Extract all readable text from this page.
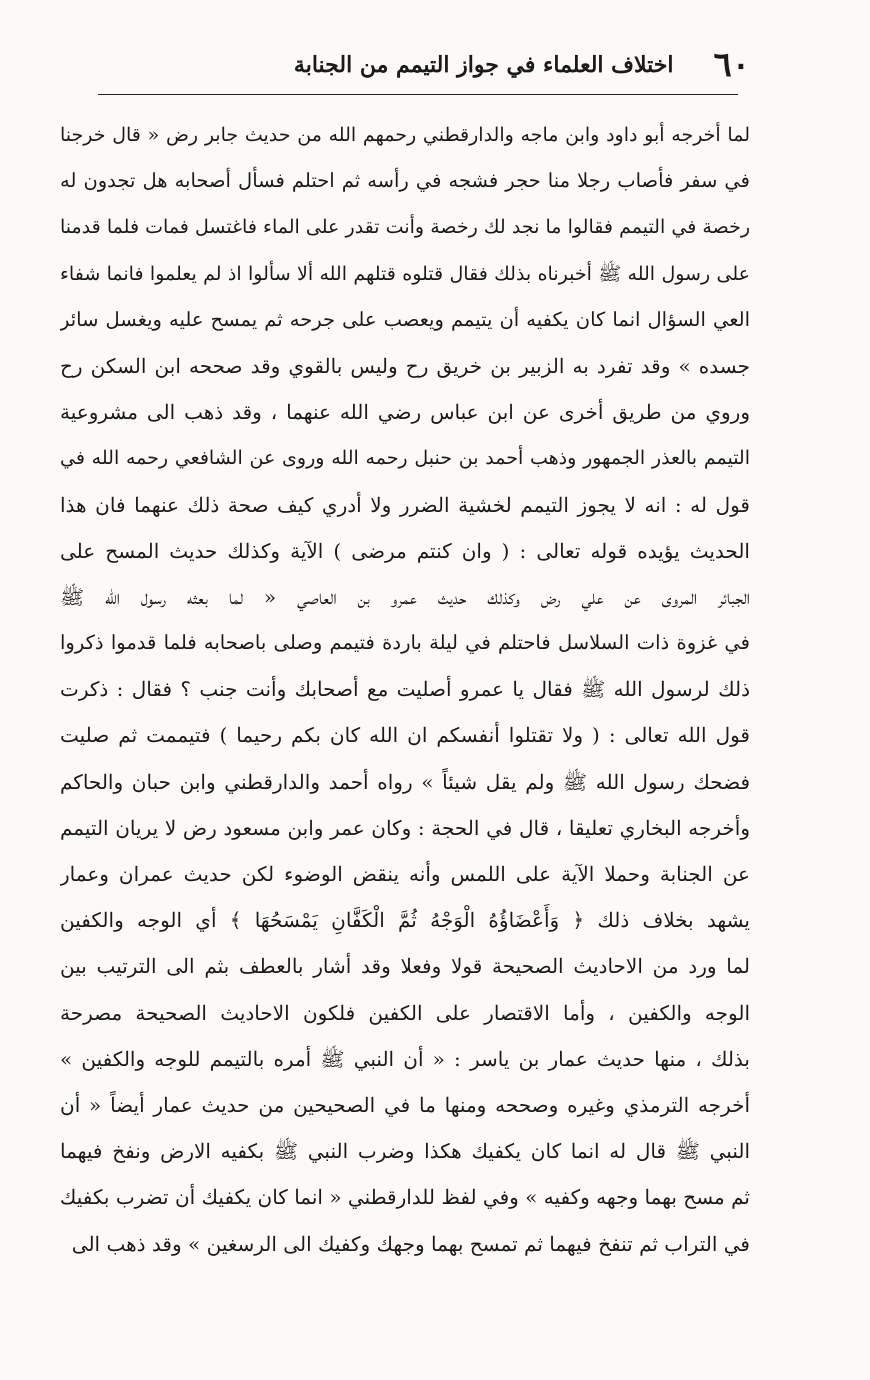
٦٠
اختلاف العلماء في جواز التيمم من الجنابة
لما أخرجه أبو داود وابن ماجه والدارقطني رحمهم الله من حديث جابر رض « قال خرجنا
في سفر فأصاب رجلا منا حجر فشجه في رأسه ثم احتلم فسأل أصحابه هل تجدون له
رخصة في التيمم فقالوا ما نجد لك رخصة وأنت تقدر على الماء فاغتسل فمات فلما قدمنا
على رسول الله ﷺ أخبرناه بذلك فقال قتلوه قتلهم الله ألا سألوا اذ لم يعلموا فانما شفاء
العي السؤال انما كان يكفيه أن يتيمم ويعصب على جرحه ثم يمسح عليه ويغسل سائر
جسده » وقد تفرد به الزبير بن خريق رح وليس بالقوي وقد صححه ابن السكن رح
وروي من طريق أخرى عن ابن عباس رضي الله عنهما ، وقد ذهب الى مشروعية
التيمم بالعذر الجمهور وذهب أحمد بن حنبل رحمه الله وروى عن الشافعي رحمه الله في
قول له : انه لا يجوز التيمم لخشية الضرر ولا أدري كيف صحة ذلك عنهما فان هذا
الحديث يؤيده قوله تعالى : ( وان كنتم مرضى ) الآية وكذلك حديث المسح على
الجبائر المروى عن علي رض وكذلك حديث عمرو بن العاصي « لما بعثه رسول الله ﷺ
في غزوة ذات السلاسل فاحتلم في ليلة باردة فتيمم وصلى باصحابه فلما قدموا ذكروا
ذلك لرسول الله ﷺ فقال يا عمرو أصليت مع أصحابك وأنت جنب ؟ فقال : ذكرت
قول الله تعالى : ( ولا تقتلوا أنفسكم ان الله كان بكم رحيما ) فتيممت ثم صليت
فضحك رسول الله ﷺ ولم يقل شيئاً » رواه أحمد والدارقطني وابن حبان والحاكم
وأخرجه البخاري تعليقا ، قال في الحجة : وكان عمر وابن مسعود رض لا يريان التيمم
عن الجنابة وحملا الآية على اللمس وأنه ينقض الوضوء لكن حديث عمران وعمار
يشهد بخلاف ذلك ﴿ وَأَعْضَاؤُهُ الْوَجْهُ ثُمَّ الْكَفَّانِ يَمْسَحُهَا ﴾ أي الوجه والكفين
لما ورد من الاحاديث الصحيحة قولا وفعلا وقد أشار بالعطف بثم الى الترتيب بين
الوجه والكفين ، وأما الاقتصار على الكفين فلكون الاحاديث الصحيحة مصرحة
بذلك ، منها حديث عمار بن ياسر : « أن النبي ﷺ أمره بالتيمم للوجه والكفين »
أخرجه الترمذي وغيره وصححه ومنها ما في الصحيحين من حديث عمار أيضاً « أن
النبي ﷺ قال له انما كان يكفيك هكذا وضرب النبي ﷺ بكفيه الارض ونفخ فيهما
ثم مسح بهما وجهه وكفيه » وفي لفظ للدارقطني « انما كان يكفيك أن تضرب بكفيك
في التراب ثم تنفخ فيهما ثم تمسح بهما وجهك وكفيك الى الرسغين » وقد ذهب الى
